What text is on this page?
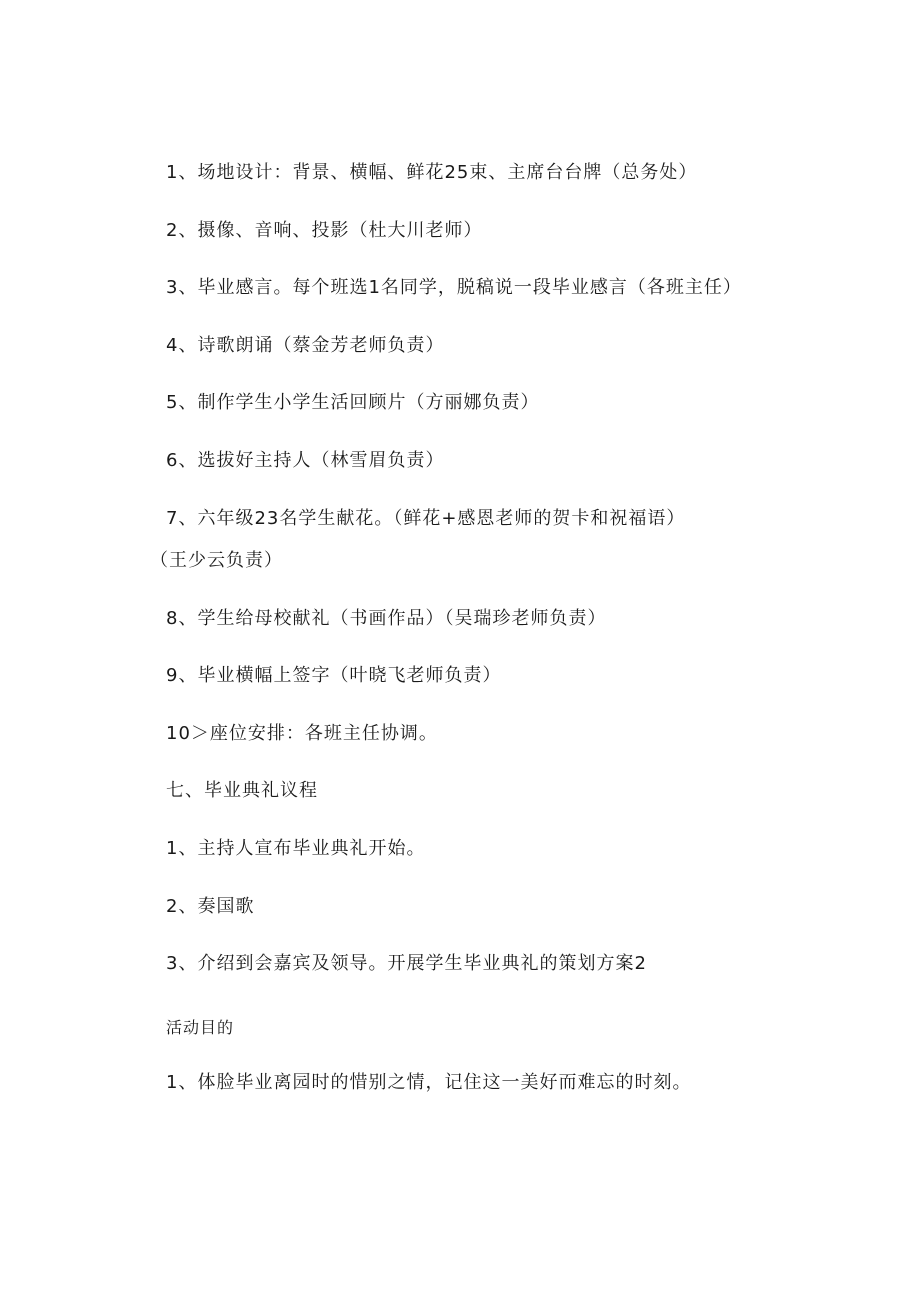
1、场地设计：背景、横幅、鲜花25束、主席台台牌（总务处）
2、摄像、音响、投影（杜大川老师）
3、毕业感言。每个班选1名同学，脱稿说一段毕业感言（各班主任）
4、诗歌朗诵（蔡金芳老师负责）
5、制作学生小学生活回顾片（方丽娜负责）
6、选拔好主持人（林雪眉负责）
7、六年级23名学生献花。（鲜花+感恩老师的贺卡和祝福语）
（王少云负责）
8、学生给母校献礼（书画作品）（吴瑞珍老师负责）
9、毕业横幅上签字（叶晓飞老师负责）
10＞座位安排：各班主任协调。
七、毕业典礼议程
1、主持人宣布毕业典礼开始。
2、奏国歌
3、介绍到会嘉宾及领导。开展学生毕业典礼的策划方案2
活动目的
1、体脸毕业离园时的惜别之情，记住这一美好而难忘的时刻。
